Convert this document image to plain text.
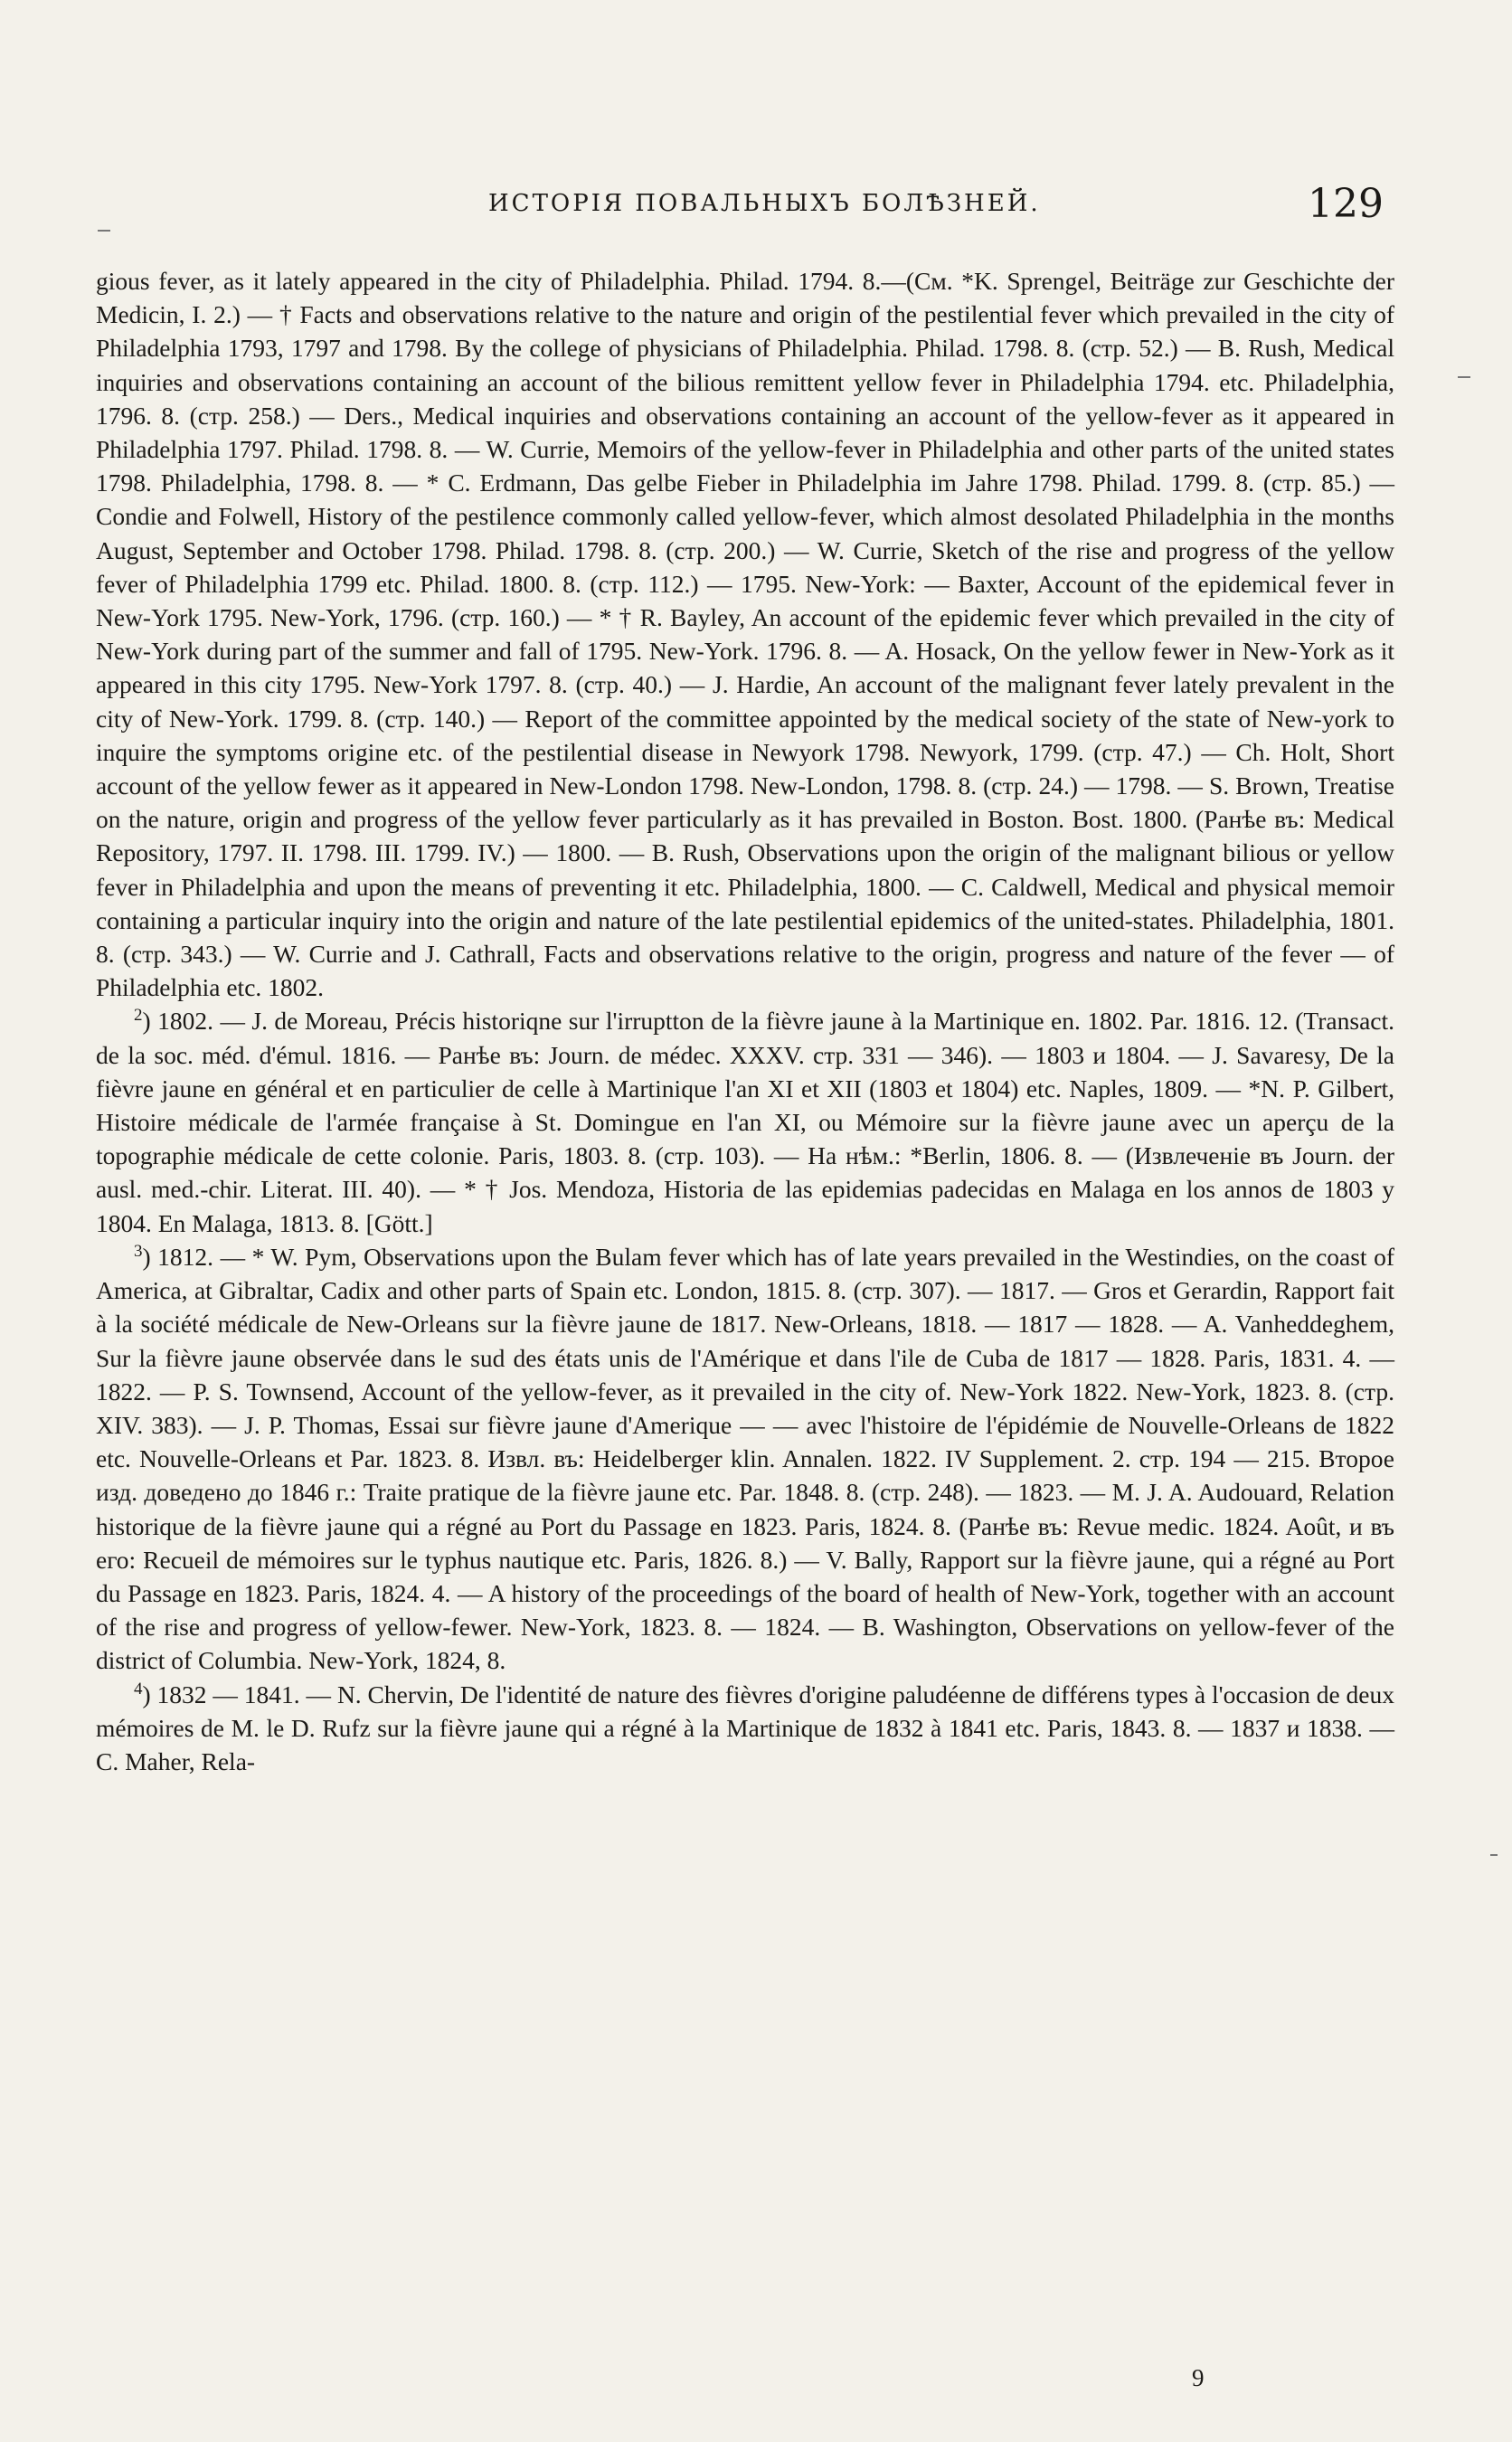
ИСТОРІЯ ПОВАЛЬНЫХЪ БОЛѢЗНЕЙ.	129

gious fever, as it lately appeared in the city of Philadelphia. Philad. 1794. 8.—(См. *K. Sprengel, Beiträge zur Geschichte der Medicin, I. 2.) — † Facts and observations relative to the nature and origin of the pestilential fever which prevailed in the city of Philadelphia 1793, 1797 and 1798. By the college of physicians of Philadelphia. Philad. 1798. 8. (стр. 52.) — B. Rush, Medical inquiries and observations containing an account of the bilious remittent yellow fever in Philadelphia 1794. etc. Philadelphia, 1796. 8. (стр. 258.) — Ders., Medical inquiries and observations containing an account of the yellow-fever as it appeared in Philadelphia 1797. Philad. 1798. 8. — W. Currie, Memoirs of the yellow-fever in Philadelphia and other parts of the united states 1798. Philadelphia, 1798. 8. — * C. Erdmann, Das gelbe Fieber in Philadelphia im Jahre 1798. Philad. 1799. 8. (стр. 85.) — Condie and Folwell, History of the pestilence commonly called yellow-fever, which almost desolated Philadelphia in the months August, September and October 1798. Philad. 1798. 8. (стр. 200.) — W. Currie, Sketch of the rise and progress of the yellow fever of Philadelphia 1799 etc. Philad. 1800. 8. (стр. 112.) — 1795. New-York: — Baxter, Account of the epidemical fever in New-York 1795. New-York, 1796. (стр. 160.) — * † R. Bayley, An account of the epidemic fever which prevailed in the city of New-York during part of the summer and fall of 1795. New-York. 1796. 8. — A. Hosack, On the yellow fewer in New-York as it appeared in this city 1795. New-York 1797. 8. (стр. 40.) — J. Hardie, An account of the malignant fever lately prevalent in the city of New-York. 1799. 8. (стр. 140.) — Report of the committee appointed by the medical society of the state of New-york to inquire the symptoms origine etc. of the pestilential disease in Newyork 1798. Newyork, 1799. (стр. 47.) — Ch. Holt, Short account of the yellow fewer as it appeared in New-London 1798. New-London, 1798. 8. (стр. 24.) — 1798. — S. Brown, Treatise on the nature, origin and progress of the yellow fever particularly as it has prevailed in Boston. Bost. 1800. (Ранѣе въ: Medical Repository, 1797. II. 1798. III. 1799. IV.) — 1800. — B. Rush, Observations upon the origin of the malignant bilious or yellow fever in Philadelphia and upon the means of preventing it etc. Philadelphia, 1800. — C. Caldwell, Medical and physical memoir containing a particular inquiry into the origin and nature of the late pestilential epidemics of the united-states. Philadelphia, 1801. 8. (стр. 343.) — W. Currie and J. Cathrall, Facts and observations relative to the origin, progress and nature of the fever — of Philadelphia etc. 1802.

$^2$) 1802. — J. de Moreau, Précis historiqne sur l'irruptton de la fièvre jaune à la Martinique en. 1802. Par. 1816. 12. (Transact. de la soc. méd. d'émul. 1816. — Ранѣе въ: Journ. de médec. XXXV. стр. 331 — 346). — 1803 и 1804. — J. Savaresy, De la fièvre jaune en général et en particulier de celle à Martinique l'an XI et XII (1803 et 1804) etc. Naples, 1809. — *N. P. Gilbert, Histoire médicale de l'armée française à St. Domingue en l'an XI, ou Mémoire sur la fièvre jaune avec un aperçu de la topographie médicale de cette colonie. Paris, 1803. 8. (стр. 103). — На нѣм.: *Berlin, 1806. 8. — (Извлеченіе въ Journ. der ausl. med.-chir. Literat. III. 40). — * † Jos. Mendoza, Historia de las epidemias padecidas en Malaga en los annos de 1803 y 1804. En Malaga, 1813. 8. [Gött.]

$^3$) 1812. — * W. Pym, Observations upon the Bulam fever which has of late years prevailed in the Westindies, on the coast of America, at Gibraltar, Cadix and other parts of Spain etc. London, 1815. 8. (стр. 307). — 1817. — Gros et Gerardin, Rapport fait à la société médicale de New-Orleans sur la fièvre jaune de 1817. New-Orleans, 1818. — 1817 — 1828. — A. Vanheddeghem, Sur la fièvre jaune observée dans le sud des états unis de l'Amérique et dans l'ile de Cuba de 1817 — 1828. Paris, 1831. 4. — 1822. — P. S. Townsend, Account of the yellow-fever, as it prevailed in the city of. New-York 1822. New-York, 1823. 8. (стр. XIV. 383). — J. P. Thomas, Essai sur fièvre jaune d'Amerique — — avec l'histoire de l'épidémie de Nouvelle-Orleans de 1822 etc. Nouvelle-Orleans et Par. 1823. 8. Извл. въ: Heidelberger klin. Annalen. 1822. IV Supplement. 2. стр. 194 — 215. Второе изд. доведено до 1846 г.: Traite pratique de la fièvre jaune etc. Par. 1848. 8. (стр. 248). — 1823. — M. J. A. Audouard, Relation historique de la fièvre jaune qui a régné au Port du Passage en 1823. Paris, 1824. 8. (Ранѣе въ: Revue medic. 1824. Août, и въ его: Recueil de mémoires sur le typhus nautique etc. Paris, 1826. 8.) — V. Bally, Rapport sur la fièvre jaune, qui a régné au Port du Passage en 1823. Paris, 1824. 4. — A history of the proceedings of the board of health of New-York, together with an account of the rise and progress of yellow-fewer. New-York, 1823. 8. — 1824. — B. Washington, Observations on yellow-fever of the district of Columbia. New-York, 1824, 8.

$^4$) 1832 — 1841. — N. Chervin, De l'identité de nature des fièvres d'origine paludéenne de différens types à l'occasion de deux mémoires de M. le D. Rufz sur la fièvre jaune qui a régné à la Martinique de 1832 à 1841 etc. Paris, 1843. 8. — 1837 и 1838. — C. Maher, Rela-

9
